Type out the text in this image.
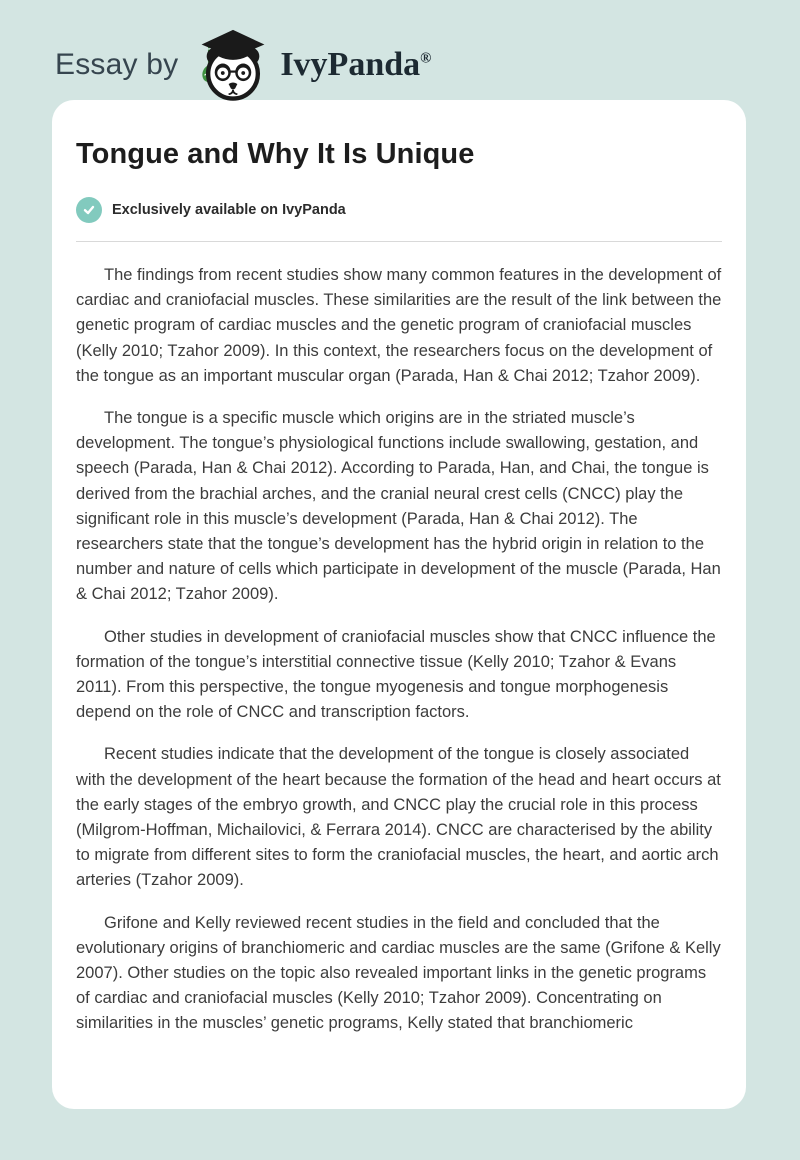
Essay by	IvyPanda®
Tongue and Why It Is Unique
Exclusively available on IvyPanda

The findings from recent studies show many common features in the development of cardiac and craniofacial muscles. These similarities are the result of the link between the genetic program of cardiac muscles and the genetic program of craniofacial muscles (Kelly 2010; Tzahor 2009). In this context, the researchers focus on the development of the tongue as an important muscular organ (Parada, Han & Chai 2012; Tzahor 2009).

The tongue is a specific muscle which origins are in the striated muscle’s development. The tongue’s physiological functions include swallowing, gestation, and speech (Parada, Han & Chai 2012). According to Parada, Han, and Chai, the tongue is derived from the brachial arches, and the cranial neural crest cells (CNCC) play the significant role in this muscle’s development (Parada, Han & Chai 2012). The researchers state that the tongue’s development has the hybrid origin in relation to the number and nature of cells which participate in development of the muscle (Parada, Han & Chai 2012; Tzahor 2009).

Other studies in development of craniofacial muscles show that CNCC influence the formation of the tongue’s interstitial connective tissue (Kelly 2010; Tzahor & Evans 2011). From this perspective, the tongue myogenesis and tongue morphogenesis depend on the role of CNCC and transcription factors.

Recent studies indicate that the development of the tongue is closely associated with the development of the heart because the formation of the head and heart occurs at the early stages of the embryo growth, and CNCC play the crucial role in this process (Milgrom-Hoffman, Michailovici, & Ferrara 2014). CNCC are characterised by the ability to migrate from different sites to form the craniofacial muscles, the heart, and aortic arch arteries (Tzahor 2009).

Grifone and Kelly reviewed recent studies in the field and concluded that the evolutionary origins of branchiomeric and cardiac muscles are the same (Grifone & Kelly 2007). Other studies on the topic also revealed important links in the genetic programs of cardiac and craniofacial muscles (Kelly 2010; Tzahor 2009). Concentrating on similarities in the muscles’ genetic programs, Kelly stated that branchiomeric
